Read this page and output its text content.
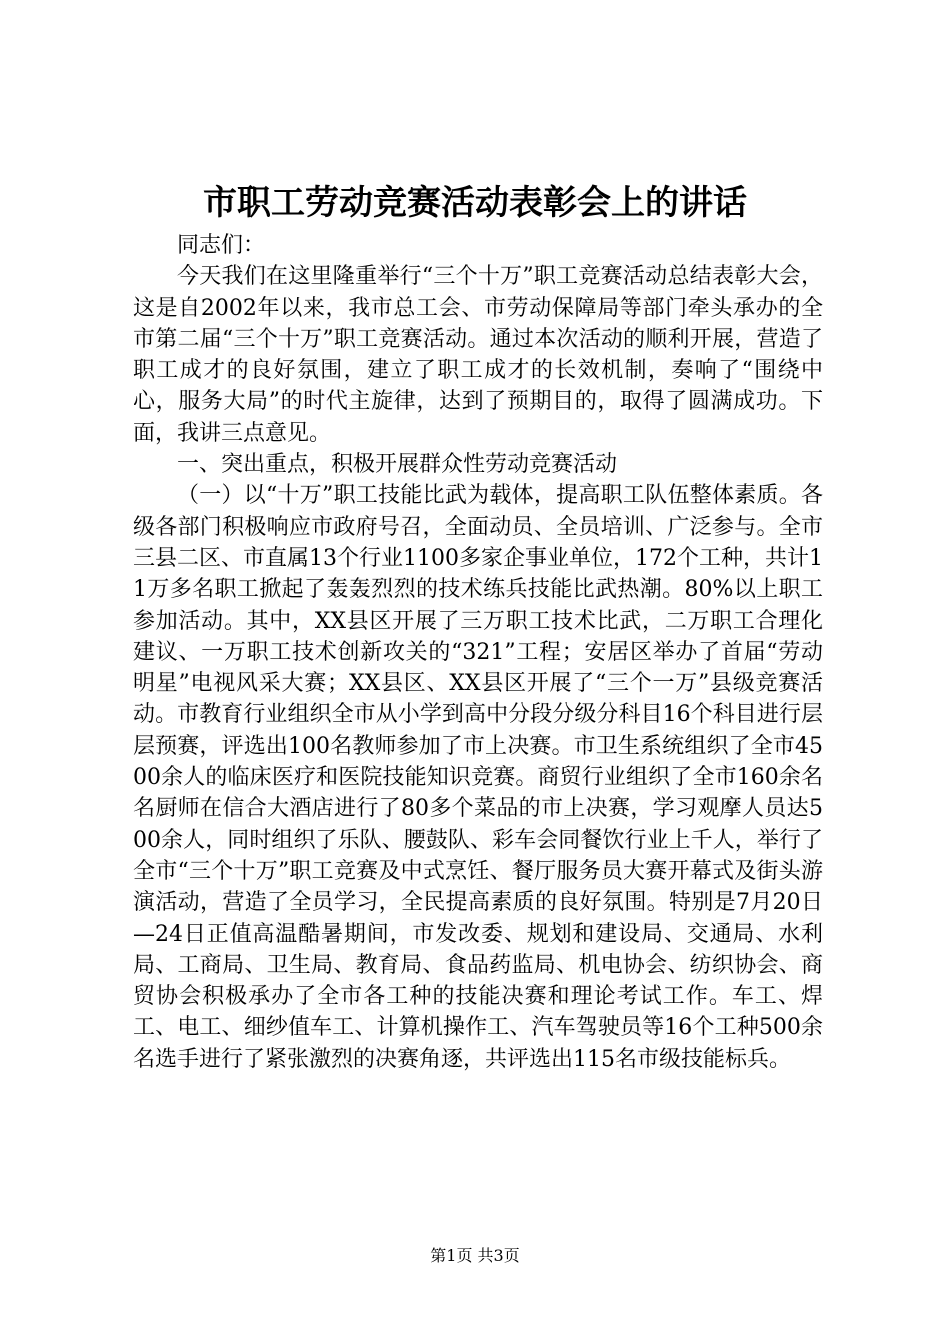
市职工劳动竞赛活动表彰会上的讲话

同志们：

今天我们在这里隆重举行“三个十万”职工竞赛活动总结表彰大会，这是自2002年以来，我市总工会、市劳动保障局等部门牵头承办的全市第二届“三个十万”职工竞赛活动。通过本次活动的顺利开展，营造了职工成才的良好氛围，建立了职工成才的长效机制，奏响了“围绕中心，服务大局”的时代主旋律，达到了预期目的，取得了圆满成功。下面，我讲三点意见。

一、突出重点，积极开展群众性劳动竞赛活动

（一）以“十万”职工技能比武为载体，提高职工队伍整体素质。各级各部门积极响应市政府号召，全面动员、全员培训、广泛参与。全市三县二区、市直属13个行业1100多家企事业单位，172个工种，共计11万多名职工掀起了轰轰烈烈的技术练兵技能比武热潮。80%以上职工参加活动。其中，XX县区开展了三万职工技术比武，二万职工合理化建议、一万职工技术创新攻关的“321”工程；安居区举办了首届“劳动明星”电视风采大赛；XX县区、XX县区开展了“三个一万”县级竞赛活动。市教育行业组织全市从小学到高中分段分级分科目16个科目进行层层预赛，评选出100名教师参加了市上决赛。市卫生系统组织了全市4500余人的临床医疗和医院技能知识竞赛。商贸行业组织了全市160余名名厨师在信合大酒店进行了80多个菜品的市上决赛，学习观摩人员达500余人，同时组织了乐队、腰鼓队、彩车会同餐饮行业上千人，举行了全市“三个十万”职工竞赛及中式烹饪、餐厅服务员大赛开幕式及街头游演活动，营造了全员学习，全民提高素质的良好氛围。特别是7月20日—24日正值高温酷暑期间，市发改委、规划和建设局、交通局、水利局、工商局、卫生局、教育局、食品药监局、机电协会、纺织协会、商贸协会积极承办了全市各工种的技能决赛和理论考试工作。车工、焊工、电工、细纱值车工、计算机操作工、汽车驾驶员等16个工种500余名选手进行了紧张激烈的决赛角逐，共评选出115名市级技能标兵。

第1页 共3页
